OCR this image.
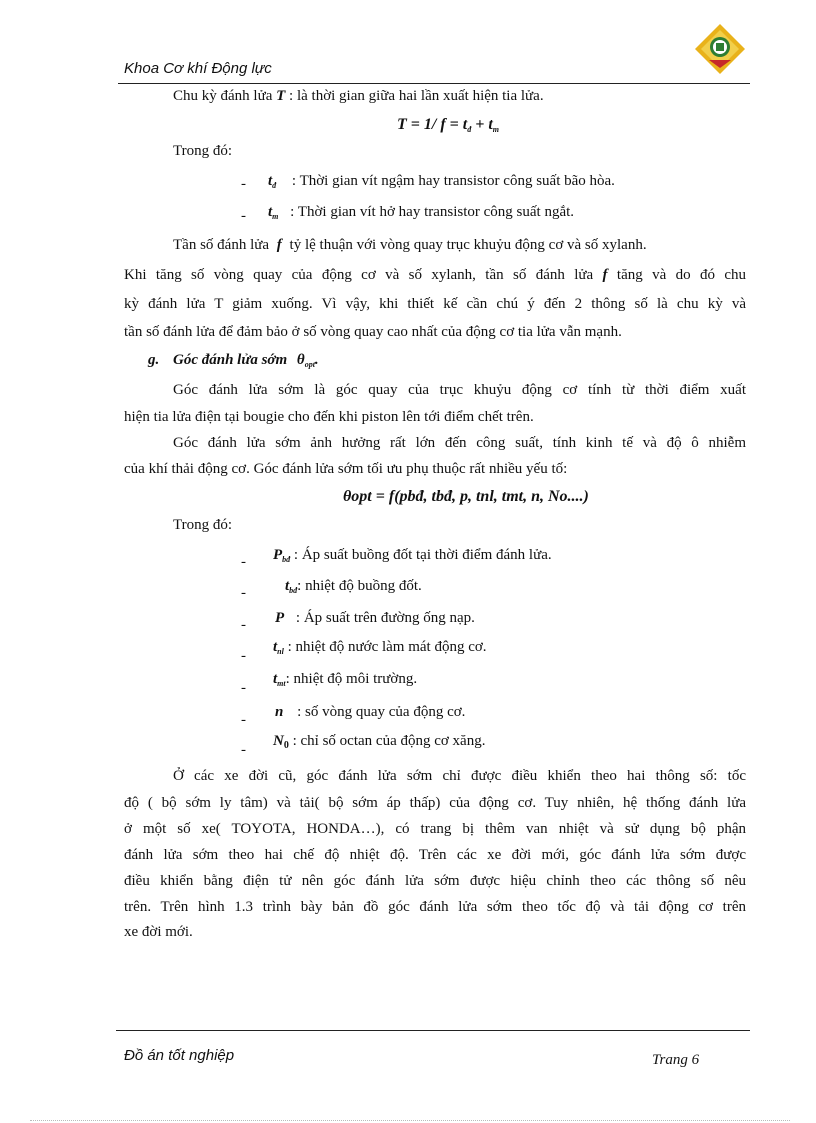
Khoa Cơ khí Động lực
Chu kỳ đánh lửa T : là thời gian giữa hai lần xuất hiện tia lửa.
T = 1/ $f = t_đ + t_m$
Trong đó:
- $t_đ$ : Thời gian vít ngậm hay transistor công suất bão hòa.
- $t_m$ : Thời gian vít hở hay transistor công suất ngắt.
Tần số đánh lửa f tỷ lệ thuận với vòng quay trục khuỷu động cơ và số xylanh.
Khi tăng số vòng quay của động cơ và số xylanh, tần số đánh lửa f tăng và do đó chu
kỳ đánh lửa T giảm xuống. Vì vậy, khi thiết kế cần chú ý đến 2 thông số là chu kỳ và
tần số đánh lửa để đảm bảo ở số vòng quay cao nhất của động cơ tia lửa vẫn mạnh.
g. Góc đánh lửa sớm $\theta_{opt}$.
Góc đánh lửa sớm là góc quay của trục khuỷu động cơ tính từ thời điểm xuất
hiện tia lửa điện tại bougie cho đến khi piston lên tới điểm chết trên.
Góc đánh lửa sớm ảnh hưởng rất lớn đến công suất, tính kinh tế và độ ô nhiễm
của khí thải động cơ. Góc đánh lửa sớm tối ưu phụ thuộc rất nhiều yếu tố:
θopt = f(pbđ, tbđ, p, tnl, tmt, n, No....)
Trong đó:
- $P_{bđ}$ : Áp suất buồng đốt tại thời điểm đánh lửa.
-	$t_{bđ}$: nhiệt độ buồng đốt.
- P : Áp suất trên đường ống nạp.
-
$t_{nl}$ : nhiệt độ nước làm mát động cơ.
-
$t_{mt}$: nhiệt độ môi trường.
- n : số vòng quay của động cơ.
-
$N_0$ : chỉ số octan của động cơ xăng.
Ở các xe đời cũ, góc đánh lửa sớm chỉ được điều khiển theo hai thông số: tốc
độ ( bộ sớm ly tâm) và tải( bộ sớm áp thấp) của động cơ. Tuy nhiên, hệ thống đánh lửa
ở một số xe( TOYOTA, HONDA…), có trang bị thêm van nhiệt và sử dụng bộ phận
đánh lửa sớm theo hai chế độ nhiệt độ. Trên các xe đời mới, góc đánh lửa sớm được
điều khiển bằng điện tử nên góc đánh lửa sớm được hiệu chỉnh theo các thông số nêu
trên. Trên hình 1.3 trình bày bản đồ góc đánh lửa sớm theo tốc độ và tải động cơ trên
xe đời mới.
Đồ án tốt nghiệp	Trang 6
